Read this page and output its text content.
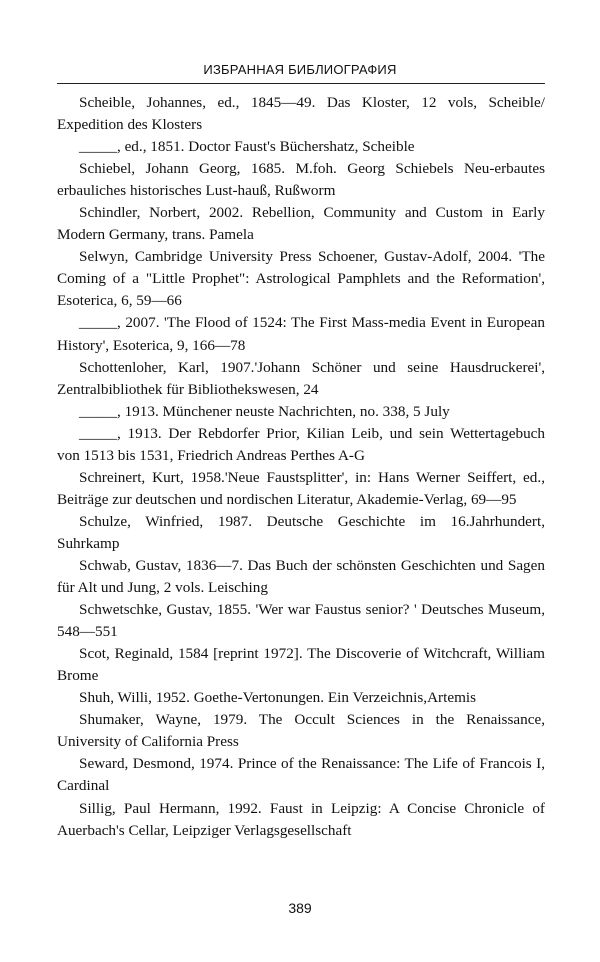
ИЗБРАННАЯ БИБЛИОГРАФИЯ

Scheible, Johannes, ed., 1845—49. Das Kloster, 12 vols, Scheible/ Expedition des Klosters

_____, ed., 1851. Doctor Faust's Büchershatz, Scheible

Schiebel, Johann Georg, 1685. M.foh. Georg Schiebels Neu-erbautes erbauliches historisches Lust-hauß, Rußworm

Schindler, Norbert, 2002. Rebellion, Community and Custom in Early Modern Germany, trans. Pamela

Selwyn, Cambridge University Press Schoener, Gustav-Adolf, 2004. 'The Coming of a "Little Prophet": Astrological Pamphlets and the Reformation', Esoterica, 6, 59—66

_____, 2007. 'The Flood of 1524: The First Mass-media Event in European History', Esoterica, 9, 166—78

Schottenloher, Karl, 1907.'Johann Schöner und seine Hausdruckerei', Zentralbibliothek für Bibliothekswesen, 24

_____, 1913. Münchener neuste Nachrichten, no. 338, 5 July

_____, 1913. Der Rebdorfer Prior, Kilian Leib, und sein Wettertagebuch von 1513 bis 1531, Friedrich Andreas Perthes A-G

Schreinert, Kurt, 1958.'Neue Faustsplitter', in: Hans Werner Seiffert, ed., Beiträge zur deutschen und nordischen Literatur, Akademie-Verlag, 69—95

Schulze, Winfried, 1987. Deutsche Geschichte im 16.Jahrhundert, Suhrkamp

Schwab, Gustav, 1836—7. Das Buch der schönsten Geschichten und Sagen für Alt und Jung, 2 vols. Leisching

Schwetschke, Gustav, 1855. 'Wer war Faustus senior? ' Deutsches Museum, 548—551

Scot, Reginald, 1584 [reprint 1972]. The Discoverie of Witchcraft, William Brome

Shuh, Willi, 1952. Goethe-Vertonungen. Ein Verzeichnis,Artemis

Shumaker, Wayne, 1979. The Occult Sciences in the Renaissance, University of California Press

Seward, Desmond, 1974. Prince of the Renaissance: The Life of Francois I, Cardinal

Sillig, Paul Hermann, 1992. Faust in Leipzig: A Concise Chronicle of Auerbach's Cellar, Leipziger Verlagsgesellschaft

389
